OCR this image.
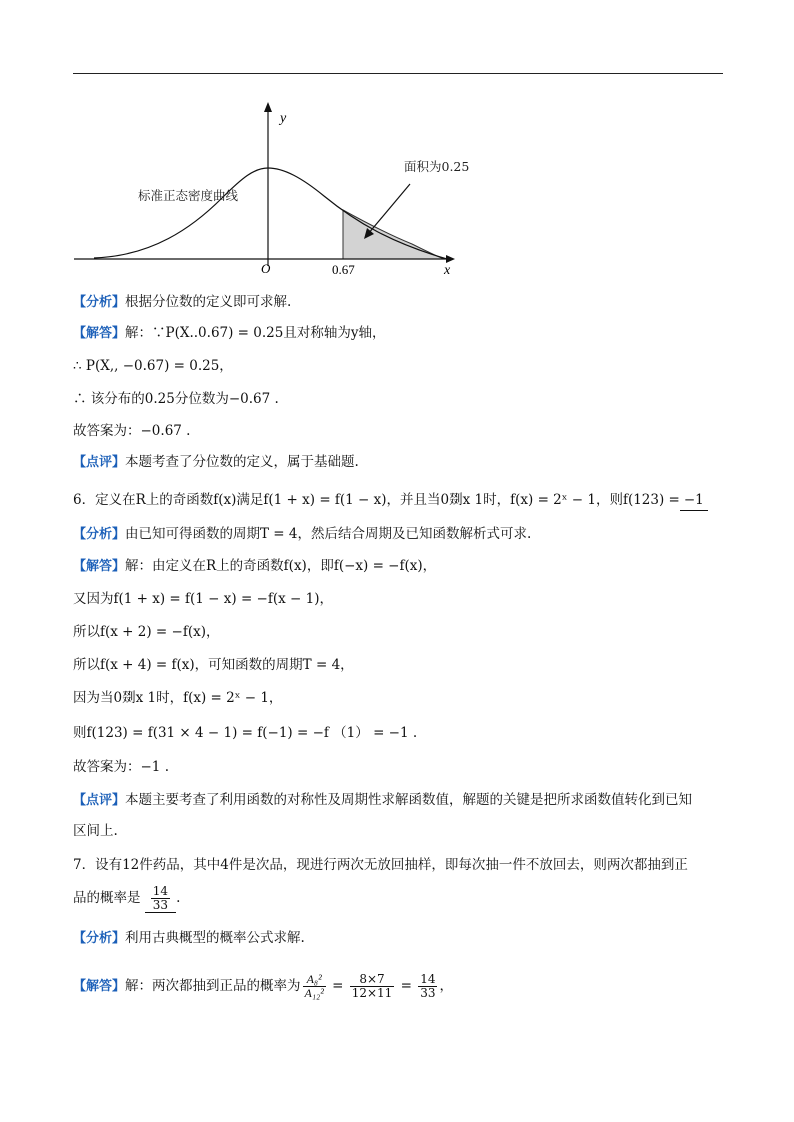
y
x
O	0.67
标准正态密度曲线
面积为0.25
【分析】根据分位数的定义即可求解.
【解答】解：∵P(X..0.67) = 0.25且对称轴为y轴，
∴ P(X,, −0.67) = 0.25，
∴ 该分布的0.25分位数为−0.67 .
故答案为：−0.67 .
【点评】本题考查了分位数的定义，属于基础题.
6．定义在R上的奇函数f(x)满足f(1 + x) = f(1 − x)，并且当0剟x 1时，f(x) = 2ˣ − 1，则f(123) = −1
【分析】由已知可得函数的周期T = 4，然后结合周期及已知函数解析式可求.
【解答】解：由定义在R上的奇函数f(x)，即f(−x) = −f(x)，
又因为f(1 + x) = f(1 − x) = −f(x − 1)，
所以f(x + 2) = −f(x)，
所以f(x + 4) = f(x)，可知函数的周期T = 4，
因为当0剟x 1时，f(x) = 2ˣ − 1，
则f(123) = f(31 × 4 − 1) = f(−1) = −f （1） = −1 .
故答案为：−1 .
【点评】本题主要考查了利用函数的对称性及周期性求解函数值，解题的关键是把所求函数值转化到已知
区间上.
7．设有12件药品，其中4件是次品，现进行两次无放回抽样，即每次抽一件不放回去，则两次都抽到正
品的概率是 $\frac{14}{33}$ .
【分析】利用古典概型的概率公式求解.
【解答】解：两次都抽到正品的概率为 $\frac{\text{A₈²}}{\text{A₁₂²}} = \frac{8\times 7}{12\times 11} = \frac{14}{33}$ ，
